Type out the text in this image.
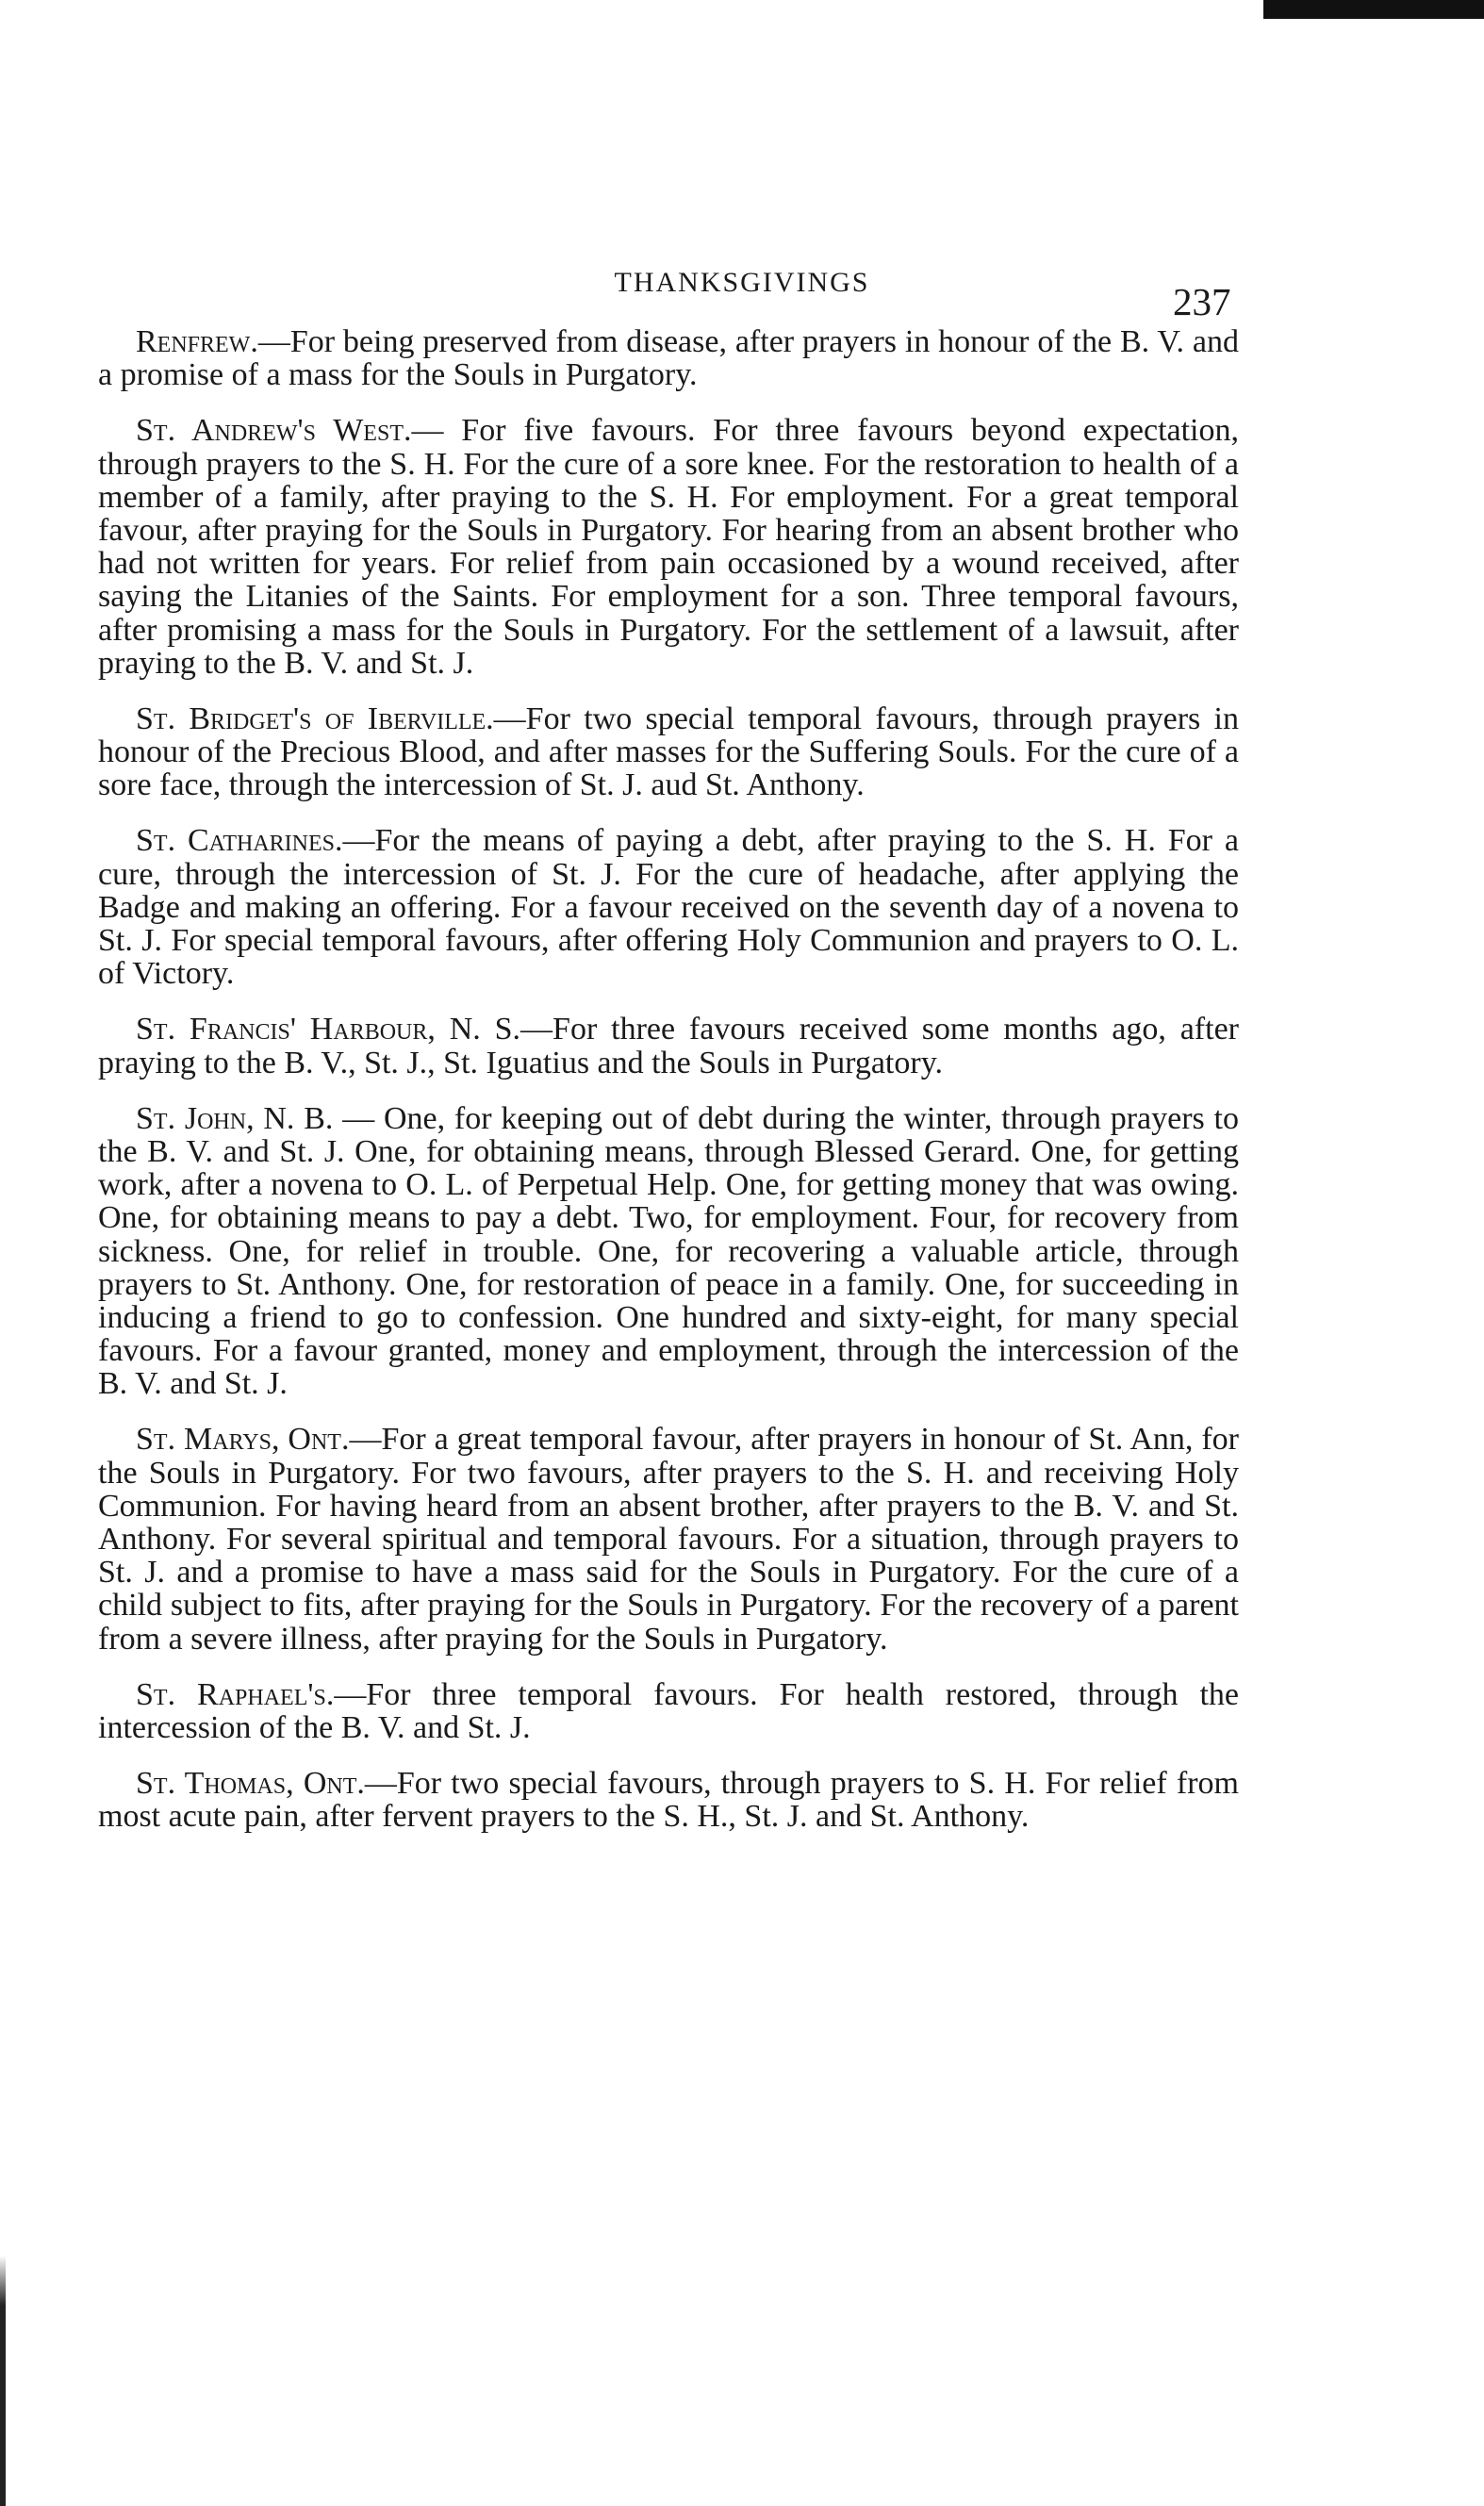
THANKSGIVINGS	237

Renfrew.—For being preserved from disease, after prayers in honour of the B. V. and a promise of a mass for the Souls in Purgatory.

St. Andrew's West.— For five favours. For three favours beyond expectation, through prayers to the S. H. For the cure of a sore knee. For the restoration to health of a member of a family, after praying to the S. H. For employment. For a great temporal favour, after praying for the Souls in Purgatory. For hearing from an absent brother who had not written for years. For relief from pain occasioned by a wound received, after saying the Litanies of the Saints. For employment for a son. Three temporal favours, after promising a mass for the Souls in Purgatory. For the settlement of a lawsuit, after praying to the B. V. and St. J.

St. Bridget's of Iberville.—For two special temporal favours, through prayers in honour of the Precious Blood, and after masses for the Suffering Souls. For the cure of a sore face, through the intercession of St. J. aud St. Anthony.

St. Catharines.—For the means of paying a debt, after praying to the S. H. For a cure, through the intercession of St. J. For the cure of headache, after applying the Badge and making an offering. For a favour received on the seventh day of a novena to St. J. For special temporal favours, after offering Holy Communion and prayers to O. L. of Victory.

St. Francis' Harbour, N. S.—For three favours received some months ago, after praying to the B. V., St. J., St. Iguatius and the Souls in Purgatory.

St. John, N. B. — One, for keeping out of debt during the winter, through prayers to the B. V. and St. J. One, for obtaining means, through Blessed Gerard. One, for getting work, after a novena to O. L. of Perpetual Help. One, for getting money that was owing. One, for obtaining means to pay a debt. Two, for employment. Four, for recovery from sickness. One, for relief in trouble. One, for recovering a valuable article, through prayers to St. Anthony. One, for restoration of peace in a family. One, for succeeding in inducing a friend to go to confession. One hundred and sixty-eight, for many special favours. For a favour granted, money and employment, through the intercession of the B. V. and St. J.

St. Marys, Ont.—For a great temporal favour, after prayers in honour of St. Ann, for the Souls in Purgatory. For two favours, after prayers to the S. H. and receiving Holy Communion. For having heard from an absent brother, after prayers to the B. V. and St. Anthony. For several spiritual and temporal favours. For a situation, through prayers to St. J. and a promise to have a mass said for the Souls in Purgatory. For the cure of a child subject to fits, after praying for the Souls in Purgatory. For the recovery of a parent from a severe illness, after praying for the Souls in Purgatory.

St. Raphael's.—For three temporal favours. For health restored, through the intercession of the B. V. and St. J.

St. Thomas, Ont.—For two special favours, through prayers to S. H. For relief from most acute pain, after fervent prayers to the S. H., St. J. and St. Anthony.
